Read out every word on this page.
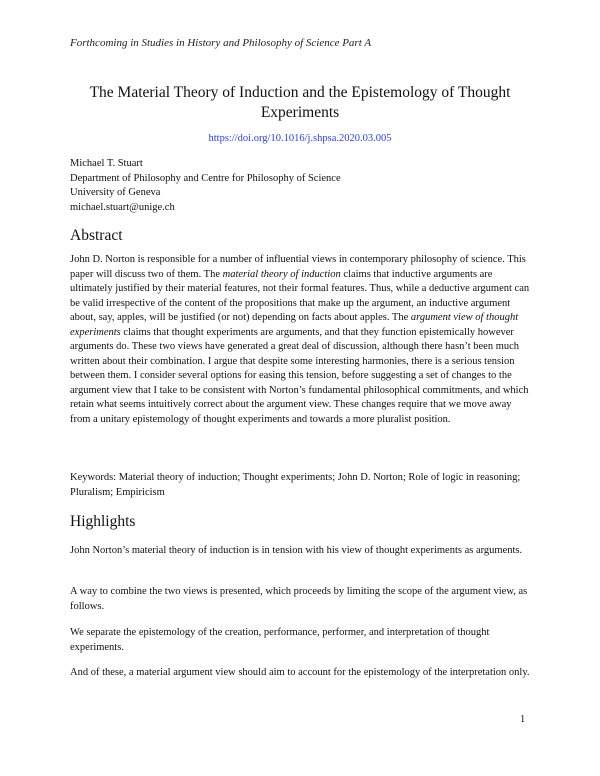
Forthcoming in Studies in History and Philosophy of Science Part A
The Material Theory of Induction and the Epistemology of Thought
Experiments
https://doi.org/10.1016/j.shpsa.2020.03.005
Michael T. Stuart
Department of Philosophy and Centre for Philosophy of Science
University of Geneva
michael.stuart@unige.ch
Abstract

John D. Norton is responsible for a number of influential views in contemporary philosophy of science. This paper will discuss two of them. The material theory of induction claims that inductive arguments are ultimately justified by their material features, not their formal features. Thus, while a deductive argument can be valid irrespective of the content of the propositions that make up the argument, an inductive argument about, say, apples, will be justified (or not) depending on facts about apples. The argument view of thought experiments claims that thought experiments are arguments, and that they function epistemically however arguments do. These two views have generated a great deal of discussion, although there hasn’t been much written about their combination. I argue that despite some interesting harmonies, there is a serious tension between them. I consider several options for easing this tension, before suggesting a set of changes to the argument view that I take to be consistent with Norton’s fundamental philosophical commitments, and which retain what seems intuitively correct about the argument view. These changes require that we move away from a unitary epistemology of thought experiments and towards a more pluralist position.

Keywords: Material theory of induction; Thought experiments; John D. Norton; Role of logic in reasoning; Pluralism; Empiricism

Highlights

John Norton’s material theory of induction is in tension with his view of thought experiments as arguments.

A way to combine the two views is presented, which proceeds by limiting the scope of the argument view, as follows.

We separate the epistemology of the creation, performance, performer, and interpretation of thought experiments.

And of these, a material argument view should aim to account for the epistemology of the interpretation only.

1
